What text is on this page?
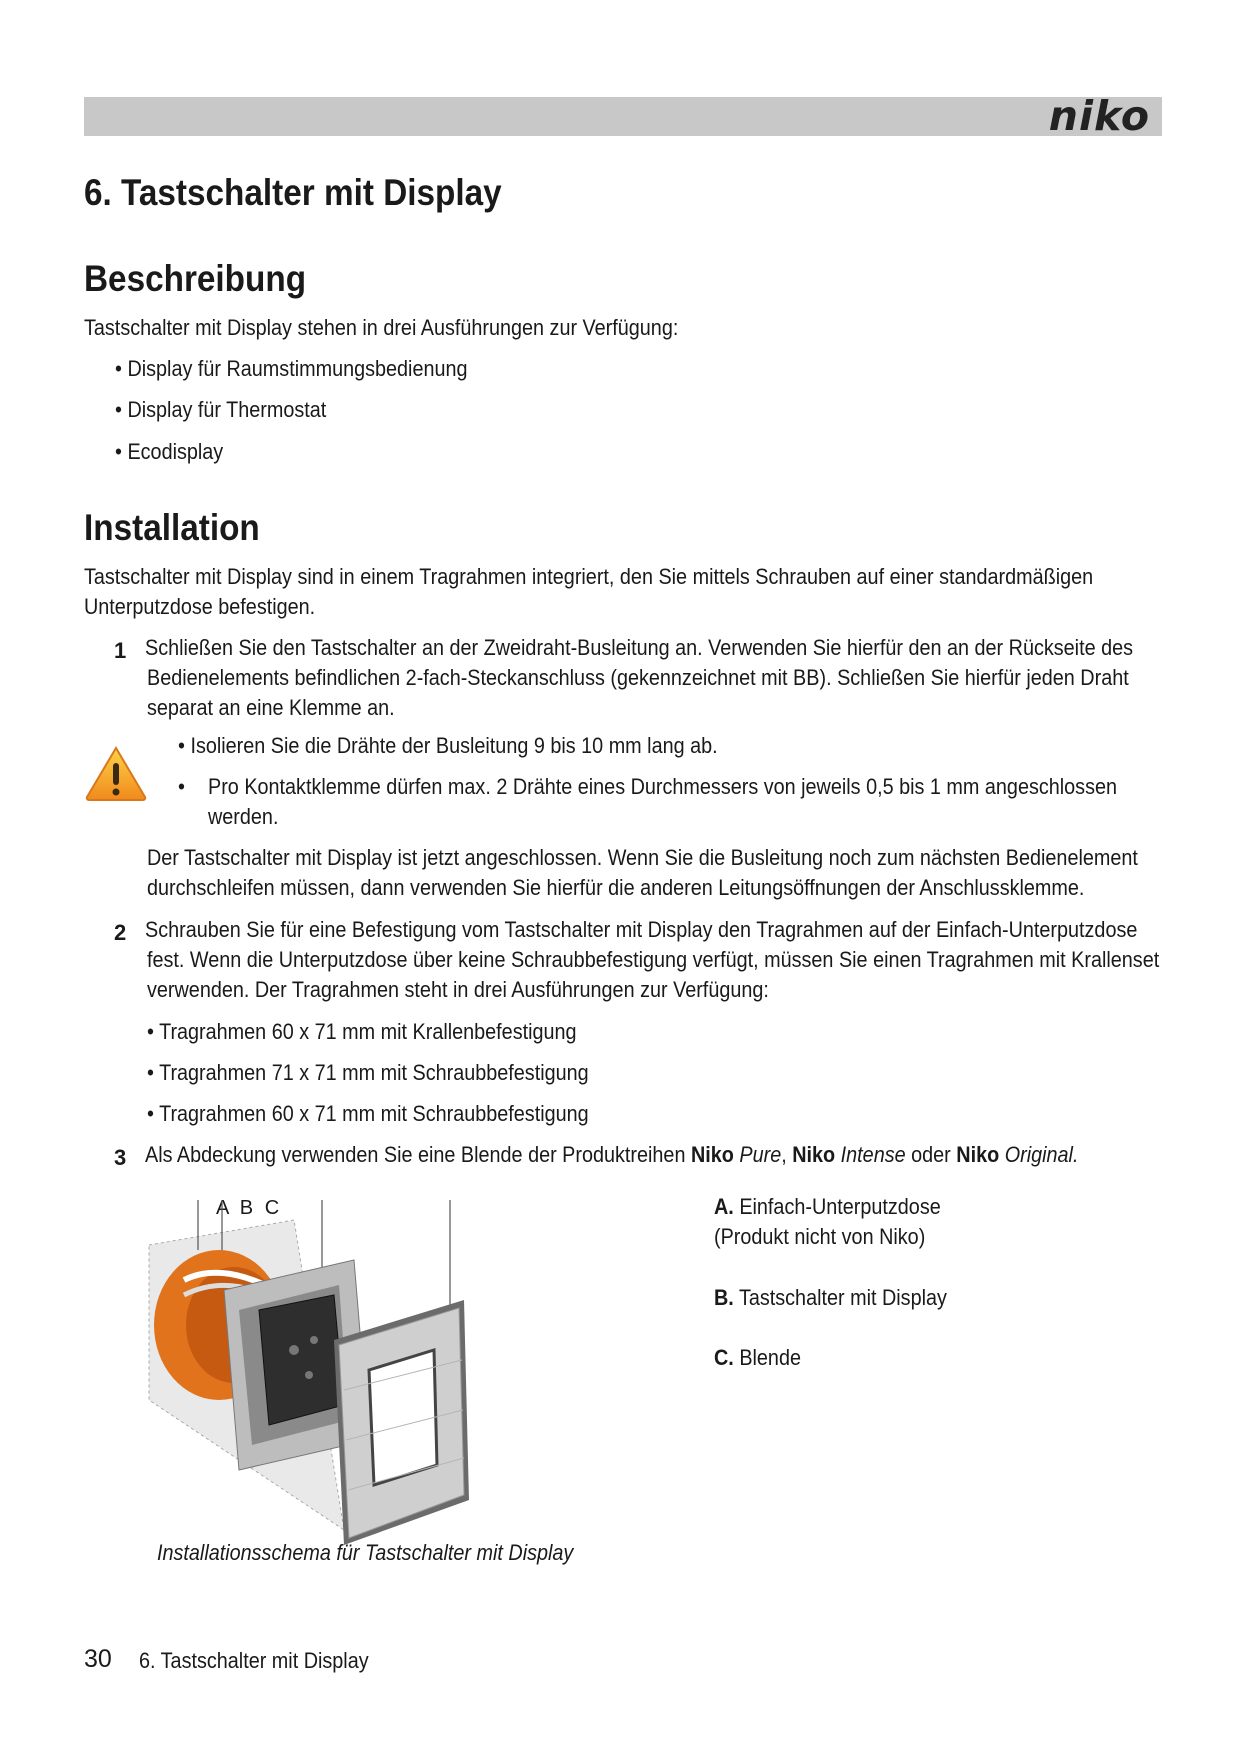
niko
6. Tastschalter mit Display
Beschreibung
Tastschalter mit Display stehen in drei Ausführungen zur Verfügung:
• Display für Raumstimmungsbedienung
• Display für Thermostat
• Ecodisplay
Installation
Tastschalter mit Display sind in einem Tragrahmen integriert, den Sie mittels Schrauben auf einer standardmäßigen
Unterputzdose befestigen.
1 Schließen Sie den Tastschalter an der Zweidraht-Busleitung an. Verwenden Sie hierfür den an der Rückseite des
Bedienelements befindlichen 2-fach-Steckanschluss (gekennzeichnet mit BB). Schließen Sie hierfür jeden Draht
separat an eine Klemme an.
• Isolieren Sie die Drähte der Busleitung 9 bis 10 mm lang ab.
• Pro Kontaktklemme dürfen max. 2 Drähte eines Durchmessers von jeweils 0,5 bis 1 mm angeschlossen
werden.
Der Tastschalter mit Display ist jetzt angeschlossen. Wenn Sie die Busleitung noch zum nächsten Bedienelement
durchschleifen müssen, dann verwenden Sie hierfür die anderen Leitungsöffnungen der Anschlussklemme.
2 Schrauben Sie für eine Befestigung vom Tastschalter mit Display den Tragrahmen auf der Einfach-Unterputzdose
fest. Wenn die Unterputzdose über keine Schraubbefestigung verfügt, müssen Sie einen Tragrahmen mit Krallenset
verwenden. Der Tragrahmen steht in drei Ausführungen zur Verfügung:
• Tragrahmen 60 x 71 mm mit Krallenbefestigung
• Tragrahmen 71 x 71 mm mit Schraubbefestigung
• Tragrahmen 60 x 71 mm mit Schraubbefestigung
3 Als Abdeckung verwenden Sie eine Blende der Produktreihen Niko Pure, Niko Intense oder Niko Original.
A B C
Installationsschema für Tastschalter mit Display
A. Einfach-Unterputzdose
(Produkt nicht von Niko)
B. Tastschalter mit Display
C. Blende
30 6. Tastschalter mit Display
